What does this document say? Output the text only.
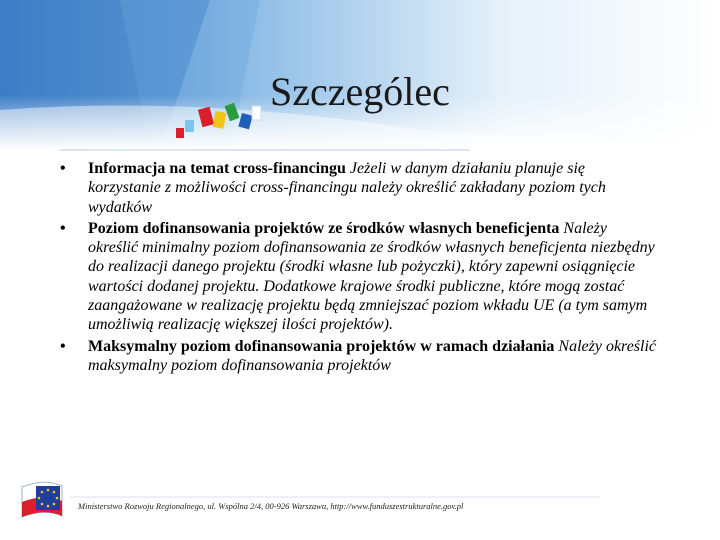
Szczególec
• Informacja na temat cross-financingu Jeżeli w danym działaniu planuje się korzystanie z możliwości cross-financingu należy określić zakładany poziom tych wydatków
• Poziom dofinansowania projektów ze środków własnych beneficjenta Należy określić minimalny poziom dofinansowania ze środków własnych beneficjenta niezbędny do realizacji danego projektu (środki własne lub pożyczki), który zapewni osiągnięcie wartości dodanej projektu. Dodatkowe krajowe środki publiczne, które mogą zostać zaangażowane w realizację projektu będą zmniejszać poziom wkładu UE (a tym samym umożliwią realizację większej ilości projektów).
• Maksymalny poziom dofinansowania projektów w ramach działania Należy określić maksymalny poziom dofinansowania projektów
Ministerstwo Rozwoju Regionalnego, ul. Wspólna 2/4, 00-926 Warszawa, http://www.funduszestrukturalne.gov.pl
